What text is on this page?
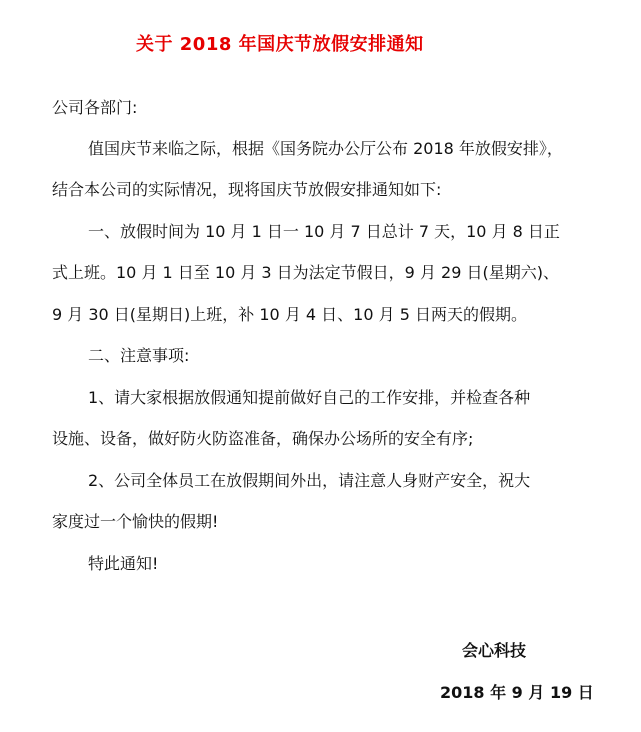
关于 2018 年国庆节放假安排通知
公司各部门:
值国庆节来临之际，根据《国务院办公厅公布 2018 年放假安排》，
结合本公司的实际情况，现将国庆节放假安排通知如下:
一、放假时间为 10 月 1 日一 10 月 7 日总计 7 天，10 月 8 日正
式上班。10 月 1 日至 10 月 3 日为法定节假日，9 月 29 日(星期六)、
9 月 30 日(星期日)上班，补 10 月 4 日、10 月 5 日两天的假期。
二、注意事项:
1、请大家根据放假通知提前做好自己的工作安排，并检查各种
设施、设备，做好防火防盗准备，确保办公场所的安全有序;
2、公司全体员工在放假期间外出，请注意人身财产安全，祝大
家度过一个愉快的假期!
特此通知!
会心科技
2018 年 9 月 19 日
